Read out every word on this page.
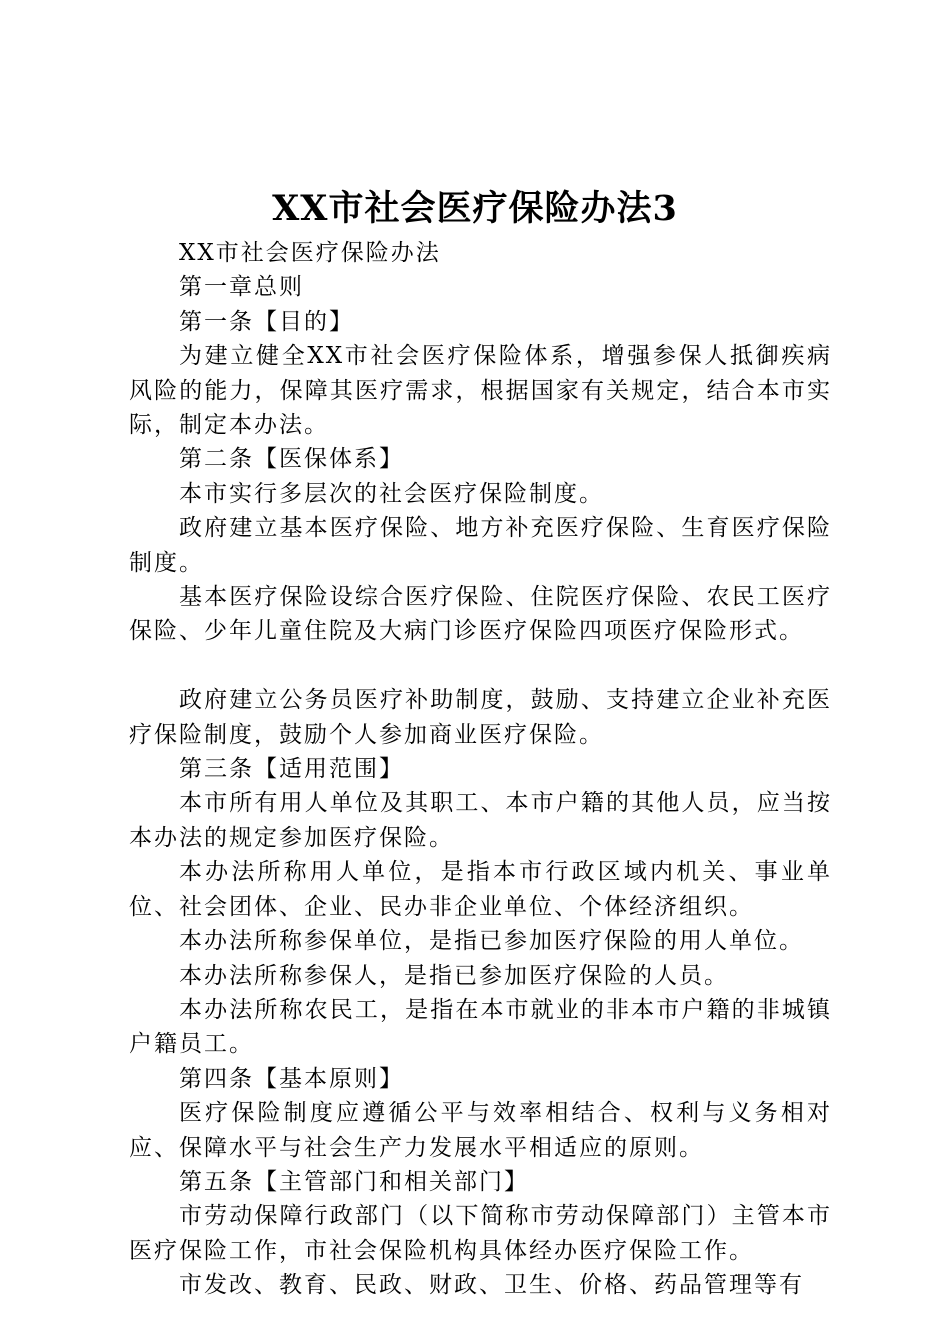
XX市社会医疗保险办法3

XX市社会医疗保险办法

第一章总则

第一条【目的】

为建立健全XX市社会医疗保险体系，增强参保人抵御疾病风险的能力，保障其医疗需求，根据国家有关规定，结合本市实际，制定本办法。

第二条【医保体系】

本市实行多层次的社会医疗保险制度。

政府建立基本医疗保险、地方补充医疗保险、生育医疗保险制度。

基本医疗保险设综合医疗保险、住院医疗保险、农民工医疗保险、少年儿童住院及大病门诊医疗保险四项医疗保险形式。

政府建立公务员医疗补助制度，鼓励、支持建立企业补充医疗保险制度，鼓励个人参加商业医疗保险。

第三条【适用范围】

本市所有用人单位及其职工、本市户籍的其他人员，应当按本办法的规定参加医疗保险。

本办法所称用人单位，是指本市行政区域内机关、事业单位、社会团体、企业、民办非企业单位、个体经济组织。

本办法所称参保单位，是指已参加医疗保险的用人单位。

本办法所称参保人，是指已参加医疗保险的人员。

本办法所称农民工，是指在本市就业的非本市户籍的非城镇户籍员工。

第四条【基本原则】

医疗保险制度应遵循公平与效率相结合、权利与义务相对应、保障水平与社会生产力发展水平相适应的原则。

第五条【主管部门和相关部门】

市劳动保障行政部门（以下简称市劳动保障部门）主管本市医疗保险工作，市社会保险机构具体经办医疗保险工作。

市发改、教育、民政、财政、卫生、价格、药品管理等有
